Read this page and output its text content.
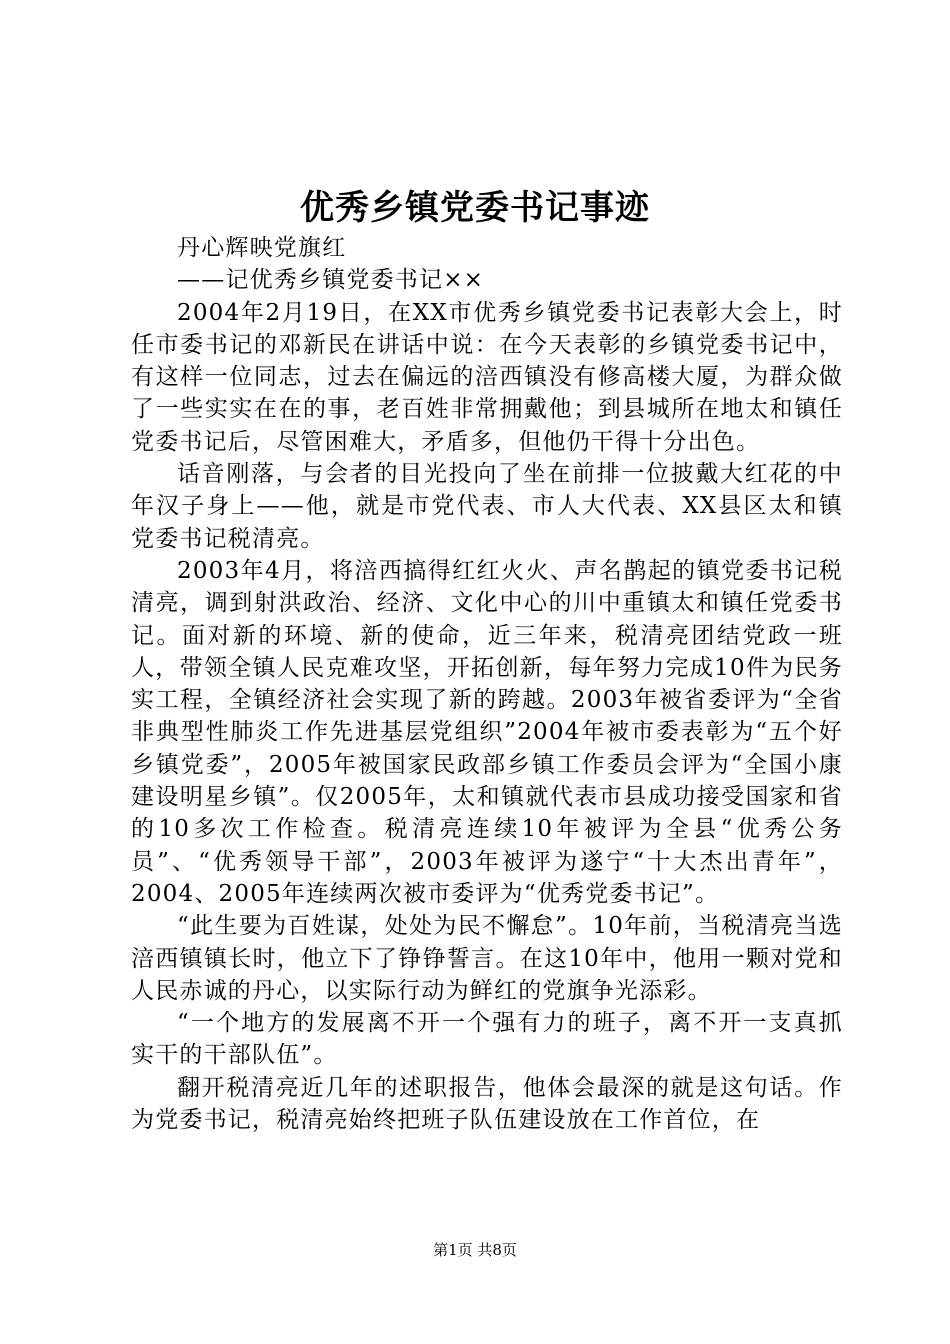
优秀乡镇党委书记事迹

丹心辉映党旗红

——记优秀乡镇党委书记××

2004年2月19日，在XX市优秀乡镇党委书记表彰大会上，时任市委书记的邓新民在讲话中说：在今天表彰的乡镇党委书记中，有这样一位同志，过去在偏远的涪西镇没有修高楼大厦，为群众做了一些实实在在的事，老百姓非常拥戴他；到县城所在地太和镇任党委书记后，尽管困难大，矛盾多，但他仍干得十分出色。

话音刚落，与会者的目光投向了坐在前排一位披戴大红花的中年汉子身上——他，就是市党代表、市人大代表、XX县区太和镇党委书记税清亮。

2003年4月，将涪西搞得红红火火、声名鹊起的镇党委书记税清亮，调到射洪政治、经济、文化中心的川中重镇太和镇任党委书记。面对新的环境、新的使命，近三年来，税清亮团结党政一班人，带领全镇人民克难攻坚，开拓创新，每年努力完成10件为民务实工程，全镇经济社会实现了新的跨越。2003年被省委评为“全省非典型性肺炎工作先进基层党组织”2004年被市委表彰为“五个好乡镇党委”，2005年被国家民政部乡镇工作委员会评为“全国小康建设明星乡镇”。仅2005年，太和镇就代表市县成功接受国家和省的10多次工作检查。税清亮连续10年被评为全县“优秀公务员”、“优秀领导干部”，2003年被评为遂宁“十大杰出青年”，2004、2005年连续两次被市委评为“优秀党委书记”。

“此生要为百姓谋，处处为民不懈怠”。10年前，当税清亮当选涪西镇镇长时，他立下了铮铮誓言。在这10年中，他用一颗对党和人民赤诚的丹心，以实际行动为鲜红的党旗争光添彩。

“一个地方的发展离不开一个强有力的班子，离不开一支真抓实干的干部队伍”。

翻开税清亮近几年的述职报告，他体会最深的就是这句话。作为党委书记，税清亮始终把班子队伍建设放在工作首位，在

第1页 共8页
